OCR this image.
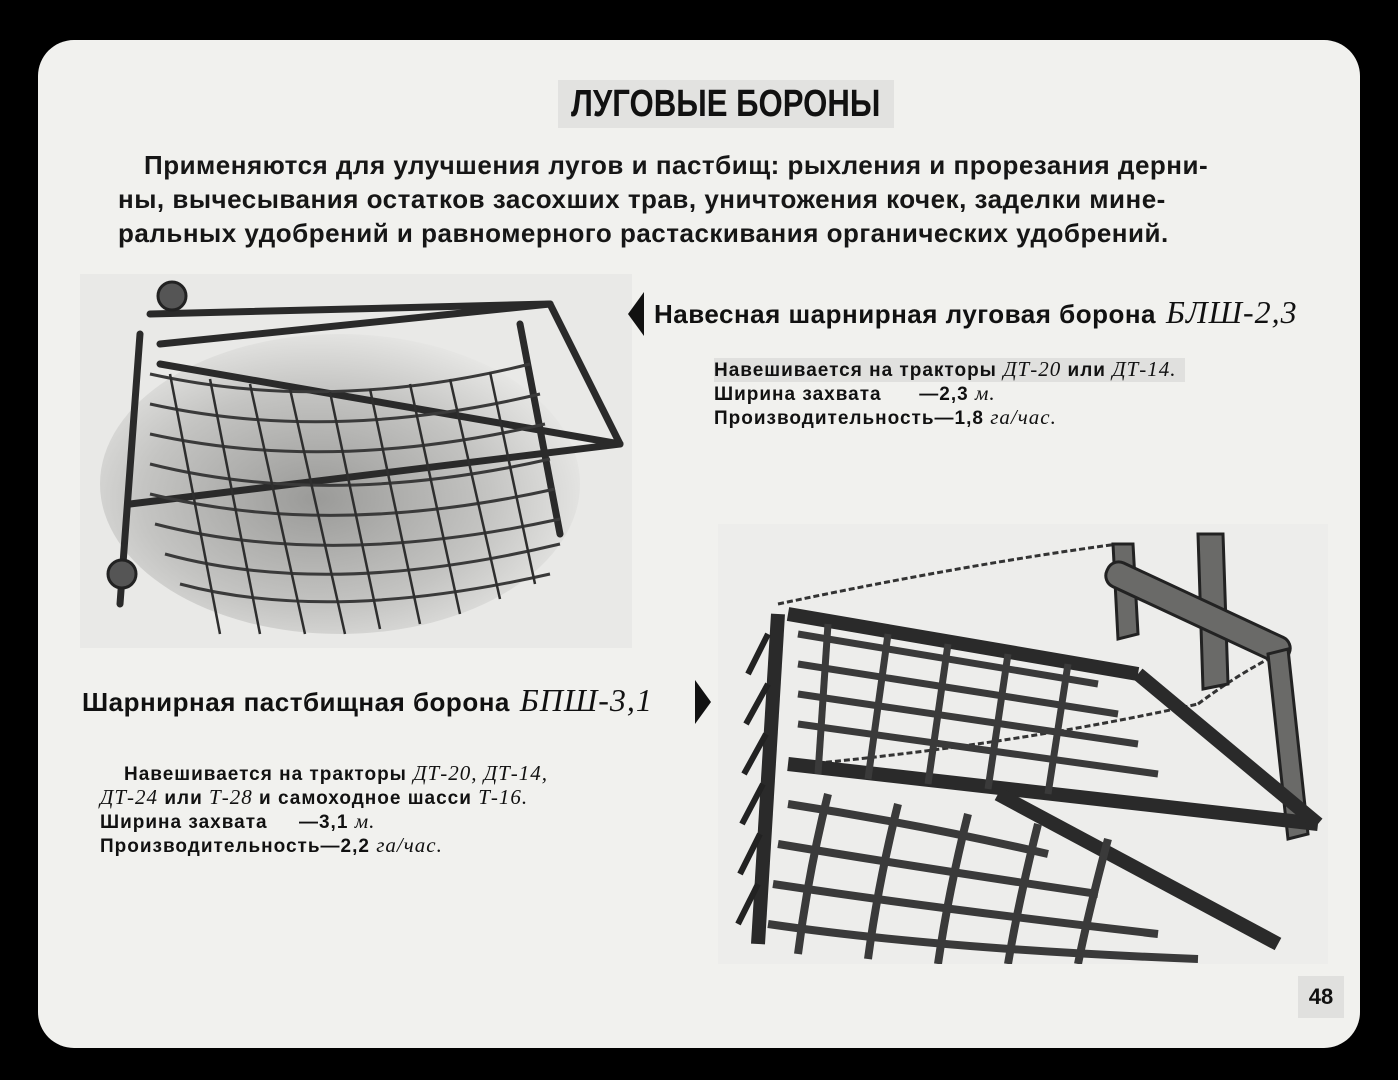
ЛУГОВЫЕ БОРОНЫ

Применяются для улучшения лугов и пастбищ: рыхления и прорезания дерни-

ны, вычесывания остатков засохших трав, уничтожения кочек, заделки мине-
ральных удобрений и равномерного растаскивания органических удобрений.
Навесная шарнирная луговая борона БЛШ-2,3
Навешивается на тракторы ДТ-20 или ДТ-14.
Ширина захвата —2,3 м.
Производительность—1,8 га/час.
Шарнирная пастбищная борона БПШ-3,1
Навешивается на тракторы ДТ-20, ДТ-14,
ДТ-24 или Т-28 и самоходное шасси Т-16.
Ширина захвата —3,1 м.
Производительность—2,2 га/час.
48
